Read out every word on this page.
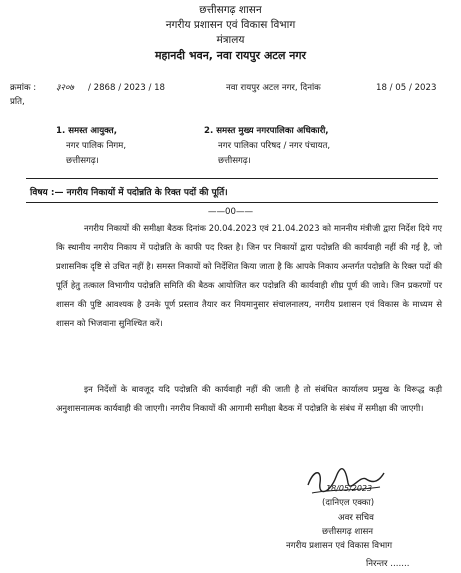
छत्तीसगढ़ शासन
नगरीय प्रशासन एवं विकास विभाग
मंत्रालय
महानदी भवन, नवा रायपुर अटल नगर
क्रमांक : ३२०७ / 2868 / 2023 / 18	नवा रायपुर अटल नगर, दिनांक	18 / 05 / 2023
प्रति,
1. समस्त आयुक्त,
नगर पालिक निगम,
छत्तीसगढ़।
2. समस्त मुख्य नगरपालिका अधिकारी,
नगर पालिका परिषद / नगर पंचायत,
छत्तीसगढ़।
विषय :— नगरीय निकायों में पदोन्नति के रिक्त पदों की पूर्ति।
——00——
नगरीय निकायों की समीक्षा बैठक दिनांक 20.04.2023 एवं 21.04.2023 को माननीय मंत्रीजी द्वारा निर्देश दिये गए कि स्थानीय नगरीय निकाय में पदोन्नति के काफी पद रिक्त है। जिन पर निकायों द्वारा पदोन्नति की कार्यवाही नहीं की गई है, जो प्रशासनिक दृष्टि से उचित नहीं है। समस्त निकायों को निर्देशित किया जाता है कि आपके निकाय अन्तर्गत पदोन्नति के रिक्त पदों की पूर्ति हेतु तत्काल विभागीय पदोन्नति समिति की बैठक आयोजित कर पदोन्नति की कार्यवाही शीघ्र पूर्ण की जावे। जिन प्रकरणों पर शासन की पुष्टि आवश्यक है उनके पूर्ण प्रस्ताव तैयार कर नियमानुसार संचालनालय, नगरीय प्रशासन एवं विकास के माध्यम से शासन को भिजवाना सुनिश्चित करें।
इन निर्देशों के बावजूद यदि पदोन्नति की कार्यवाही नहीं की जाती है तो संबंधित कार्यालय प्रमुख के विरूद्ध कड़ी अनुशासनात्मक कार्यवाही की जाएगी। नगरीय निकायों की आगामी समीक्षा बैठक में पदोन्नति के संबंध में समीक्षा की जाएगी।
18/05/2023
(दानिएल एक्का)
अवर सचिव
छत्तीसगढ़ शासन
नगरीय प्रशासन एवं विकास विभाग
निरन्तर .......
